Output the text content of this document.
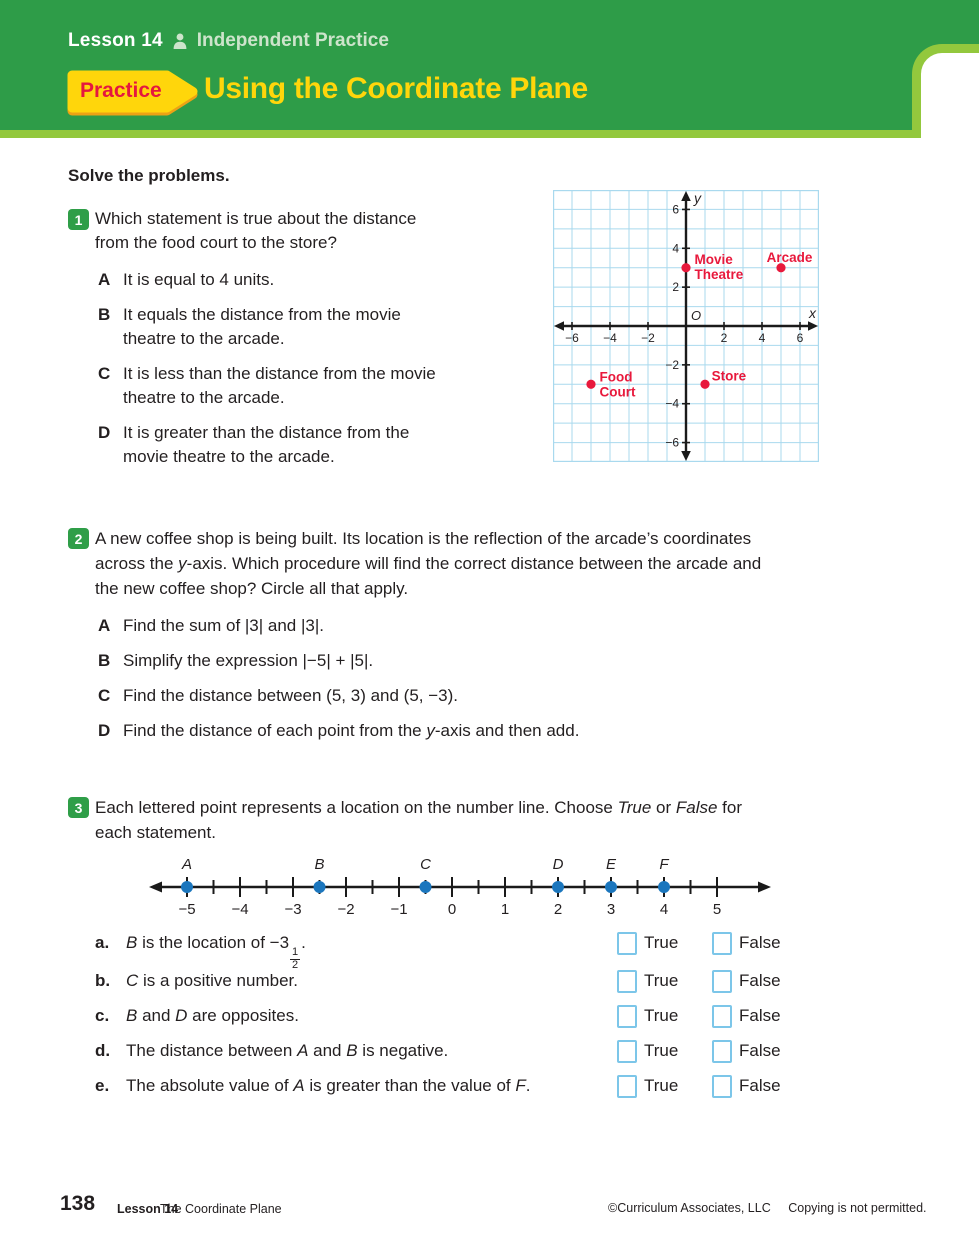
Lesson 14 Independent Practice
Practice Using the Coordinate Plane
Solve the problems.
1 Which statement is true about the distance
from the food court to the store?
A It is equal to 4 units.
B It equals the distance from the movie
theatre to the arcade.
C It is less than the distance from the movie
theatre to the arcade.
D It is greater than the distance from the
movie theatre to the arcade.
−6 −4 −2	2	4	6
6
4
2
−2
−4
−6
O	x
y
Movie
Theatre
Arcade
Food
Court
Store
2 A new coffee shop is being built. Its location is the reflection of the arcade’s coordinates
across the y-axis. Which procedure will find the correct distance between the arcade and
the new coffee shop? Circle all that apply.
A Find the sum of |3| and |3|.
B Simplify the expression |−5| + |5|.
C Find the distance between (5, 3) and (5, −3).
D Find the distance of each point from the y-axis and then add.
3 Each lettered point represents a location on the number line. Choose True or False for
each statement.
−5 −4 −3 −2 −1	0	1	2	3	4	5
A	B	C	D	E	F
a. B is the location of −3
$\frac{1}{2}$
.	True	False
b. C is a positive number.	True	False
c. B and D are opposites.	True	False
d. The distance between A and B is negative.	True	False
e. The absolute value of A is greater than the value of F.	True	False
138 Lesson 14
The Coordinate Plane	©Curriculum Associates, LLC Copying is not permitted.
